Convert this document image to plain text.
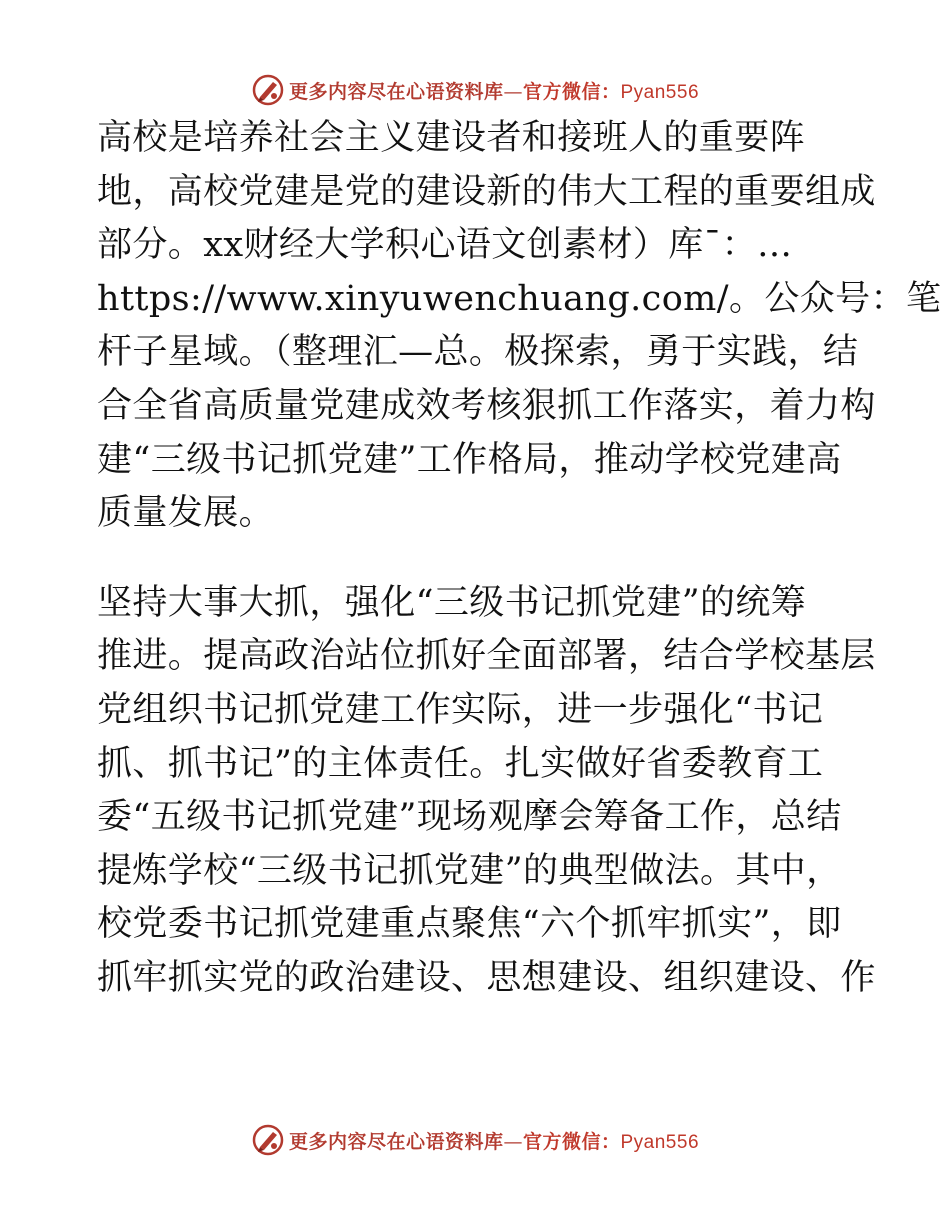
更多内容尽在心语资料库—官方微信：Pyan556

高校是培养社会主义建设者和接班人的重要阵
地，高校党建是党的建设新的伟大工程的重要组成
部分。xx财经大学积心语文创素材）库¯：…
https://www.xinyuwenchuang.com/。公众号：笔
杆子星域。（整理汇—总。极探索，勇于实践，结
合全省高质量党建成效考核狠抓工作落实，着力构
建“三级书记抓党建”工作格局，推动学校党建高
质量发展。

坚持大事大抓，强化“三级书记抓党建”的统筹
推进。提高政治站位抓好全面部署，结合学校基层
党组织书记抓党建工作实际，进一步强化“书记
抓、抓书记”的主体责任。扎实做好省委教育工
委“五级书记抓党建”现场观摩会筹备工作，总结
提炼学校“三级书记抓党建”的典型做法。其中，
校党委书记抓党建重点聚焦“六个抓牢抓实”，即
抓牢抓实党的政治建设、思想建设、组织建设、作

更多内容尽在心语资料库—官方微信：Pyan556
